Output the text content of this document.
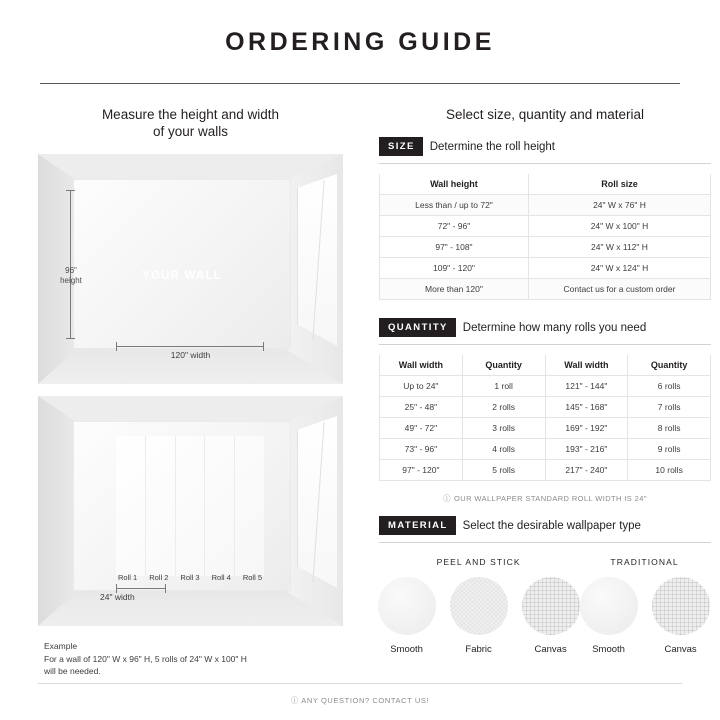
ORDERING GUIDE
Measure the height and width
of your walls
YOUR WALL
96"
height
120" width
Roll 1	Roll 2	Roll 3	Roll 4	Roll 5
24" width
Example
For a wall of 120" W x 96" H, 5 rolls of 24" W x 100" H
will be needed.
Select size, quantity and material
SIZE	Determine the roll height
Wall height	Roll size
Less than / up to 72"	24" W x 76" H
72" - 96"	24" W x 100" H
97" - 108"	24" W x 112" H
109" - 120"	24" W x 124" H
More than 120"	Contact us for a custom order
QUANTITY	Determine how many rolls you need
Wall width	Quantity	Wall width	Quantity
Up to 24"	1 roll	121" - 144"	6 rolls
25" - 48"	2 rolls	145" - 168"	7 rolls
49" - 72"	3 rolls	169" - 192"	8 rolls
73" - 96"	4 rolls	193" - 216"	9 rolls
97" - 120"	5 rolls	217" - 240"	10 rolls
ⓘ OUR WALLPAPER STANDARD ROLL WIDTH IS 24"
MATERIAL	Select the desirable wallpaper type
PEEL AND STICK
Smooth	Fabric	Canvas
TRADITIONAL
Smooth	Canvas
ⓘ ANY QUESTION? CONTACT US!
